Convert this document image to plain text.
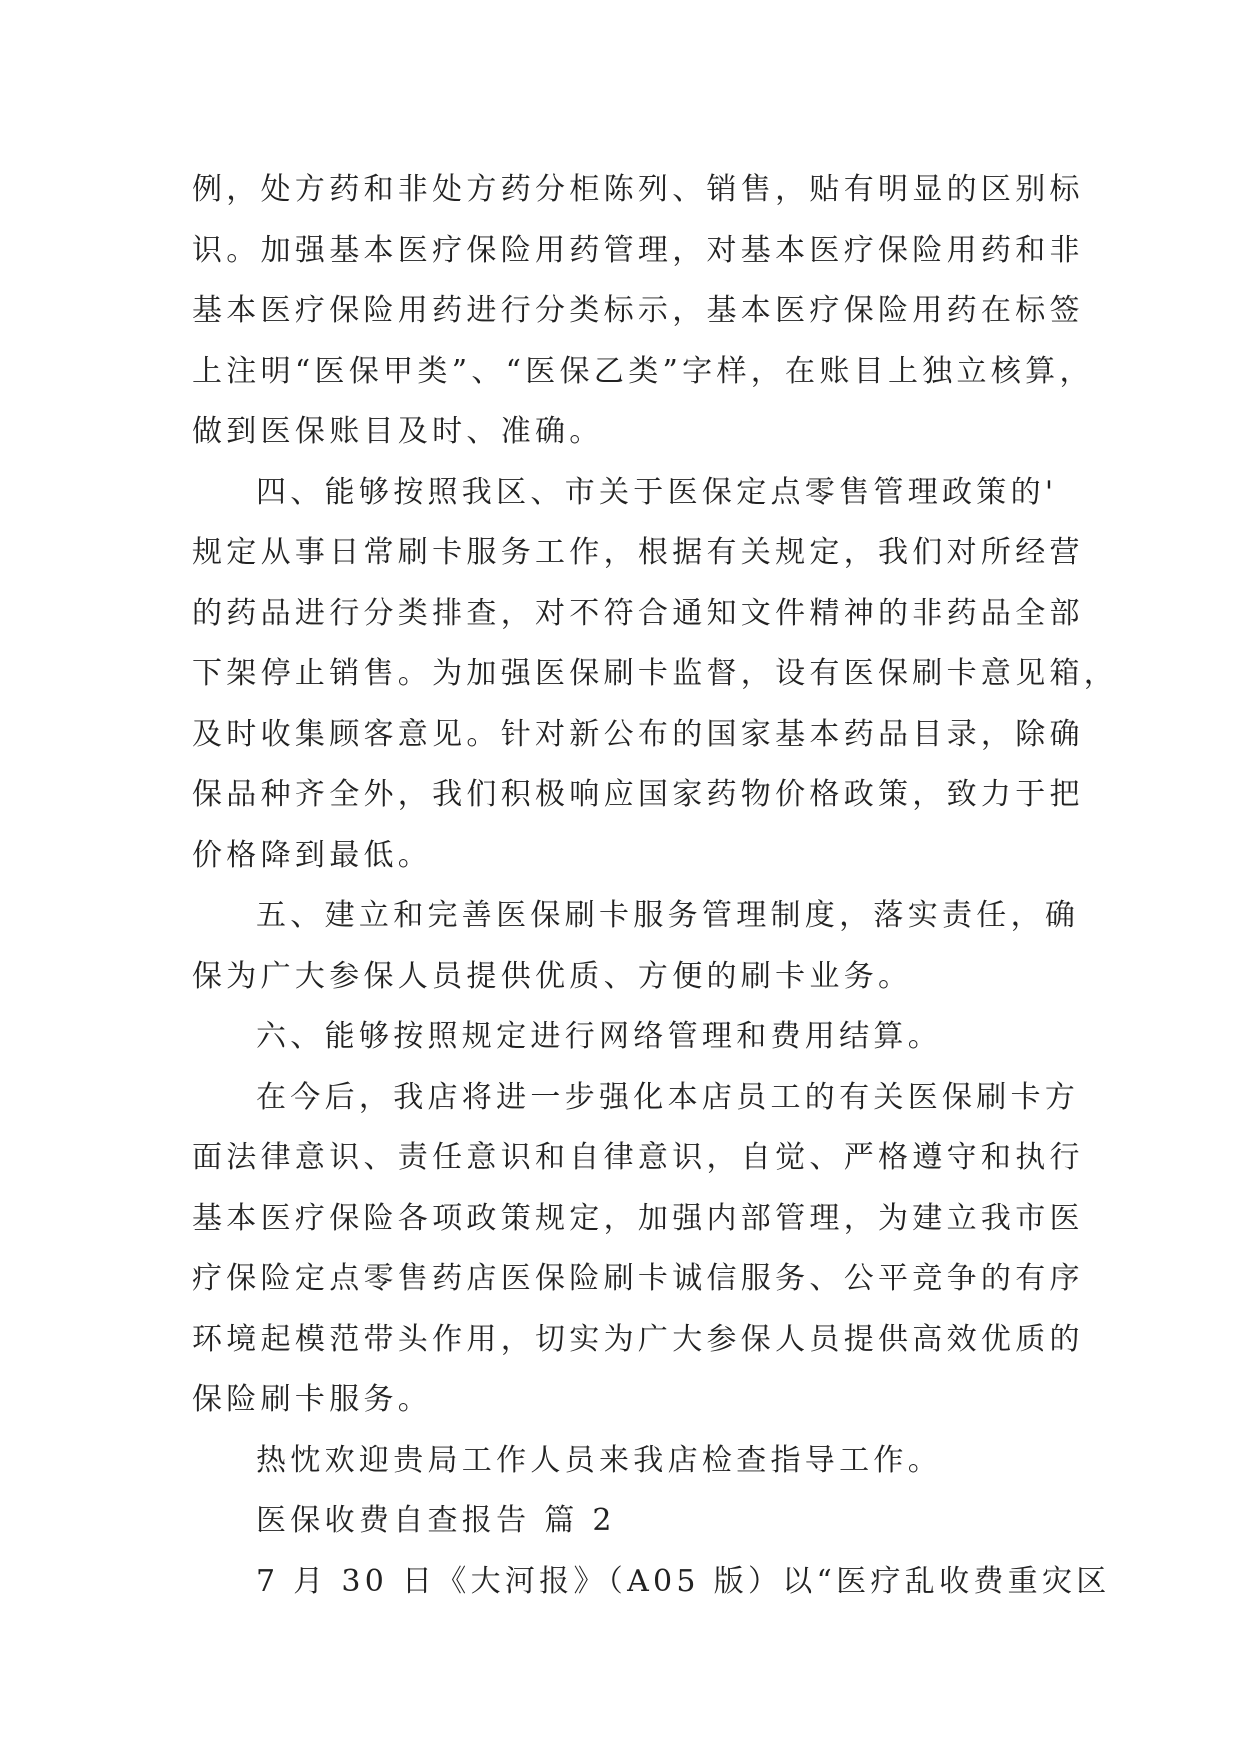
例，处方药和非处方药分柜陈列、销售，贴有明显的区别标
识。加强基本医疗保险用药管理，对基本医疗保险用药和非
基本医疗保险用药进行分类标示，基本医疗保险用药在标签
上注明“医保甲类”、“医保乙类”字样，在账目上独立核算，
做到医保账目及时、准确。
四、能够按照我区、市关于医保定点零售管理政策的'
规定从事日常刷卡服务工作，根据有关规定，我们对所经营
的药品进行分类排查，对不符合通知文件精神的非药品全部
下架停止销售。为加强医保刷卡监督，设有医保刷卡意见箱，
及时收集顾客意见。针对新公布的国家基本药品目录，除确
保品种齐全外，我们积极响应国家药物价格政策，致力于把
价格降到最低。
五、建立和完善医保刷卡服务管理制度，落实责任，确
保为广大参保人员提供优质、方便的刷卡业务。
六、能够按照规定进行网络管理和费用结算。
在今后，我店将进一步强化本店员工的有关医保刷卡方
面法律意识、责任意识和自律意识，自觉、严格遵守和执行
基本医疗保险各项政策规定，加强内部管理，为建立我市医
疗保险定点零售药店医保险刷卡诚信服务、公平竞争的有序
环境起模范带头作用，切实为广大参保人员提供高效优质的
保险刷卡服务。
热忱欢迎贵局工作人员来我店检查指导工作。
医保收费自查报告 篇 2
7 月 30 日《大河报》（A05 版）以“医疗乱收费重灾区
